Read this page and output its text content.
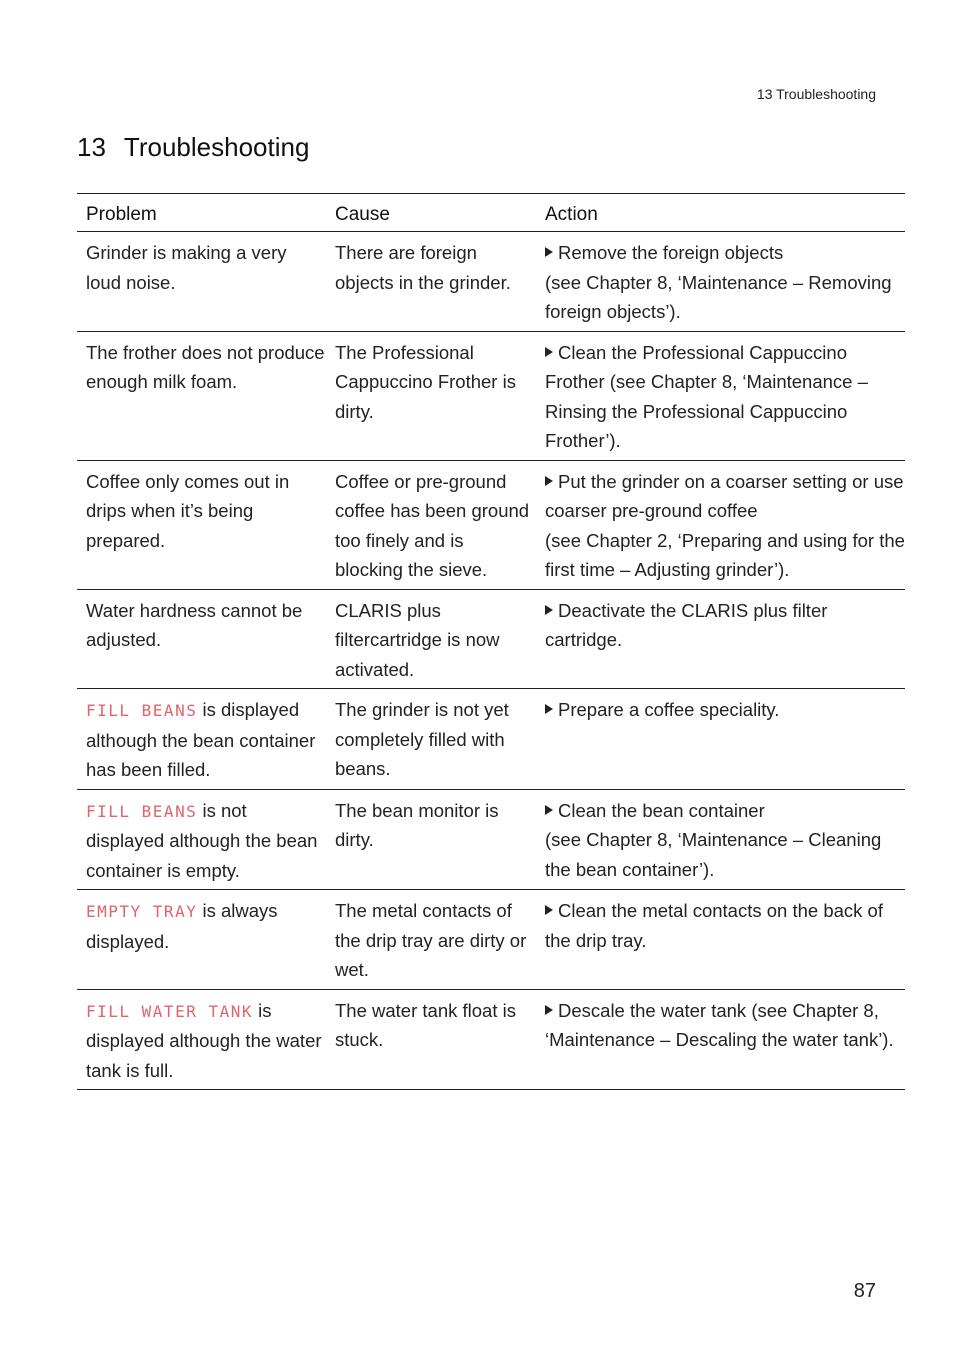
13 Troubleshooting
13 Troubleshooting
Problem	Cause	Action
Grinder is making a very loud noise.	There are foreign objects in the grinder.	Remove the foreign objects
(see Chapter 8, ‘Maintenance – Removing foreign objects’).

The frother does not produce enough milk foam.	The Professional Cappuccino Frother is dirty.	Clean the Professional Cappuccino Frother (see Chapter 8, ‘Maintenance – Rinsing the Professional Cappuccino Frother’).

Coffee only comes out in drips when it’s being prepared.	Coffee or pre-ground coffee has been ground too finely and is blocking the sieve.	Put the grinder on a coarser setting or use coarser pre-ground coffee
(see Chapter 2, ‘Preparing and using for the first time – Adjusting grinder’).

Water hardness cannot be adjusted.	CLARIS plus filtercartridge is now activated.	Deactivate the CLARIS plus filter cartridge.

FILL BEANS is displayed although the bean container has been filled.	The grinder is not yet completely filled with beans.	Prepare a coffee speciality.

FILL BEANS is not displayed although the bean container is empty.	The bean monitor is dirty.	Clean the bean container
(see Chapter 8, ‘Maintenance – Cleaning the bean container’).

EMPTY TRAY is always displayed.	The metal contacts of the drip tray are dirty or wet.	Clean the metal contacts on the back of the drip tray.

FILL WATER TANK is displayed although the water tank is full.	The water tank float is stuck.	Descale the water tank (see Chapter 8, ‘Maintenance – Descaling the water tank’).
87
